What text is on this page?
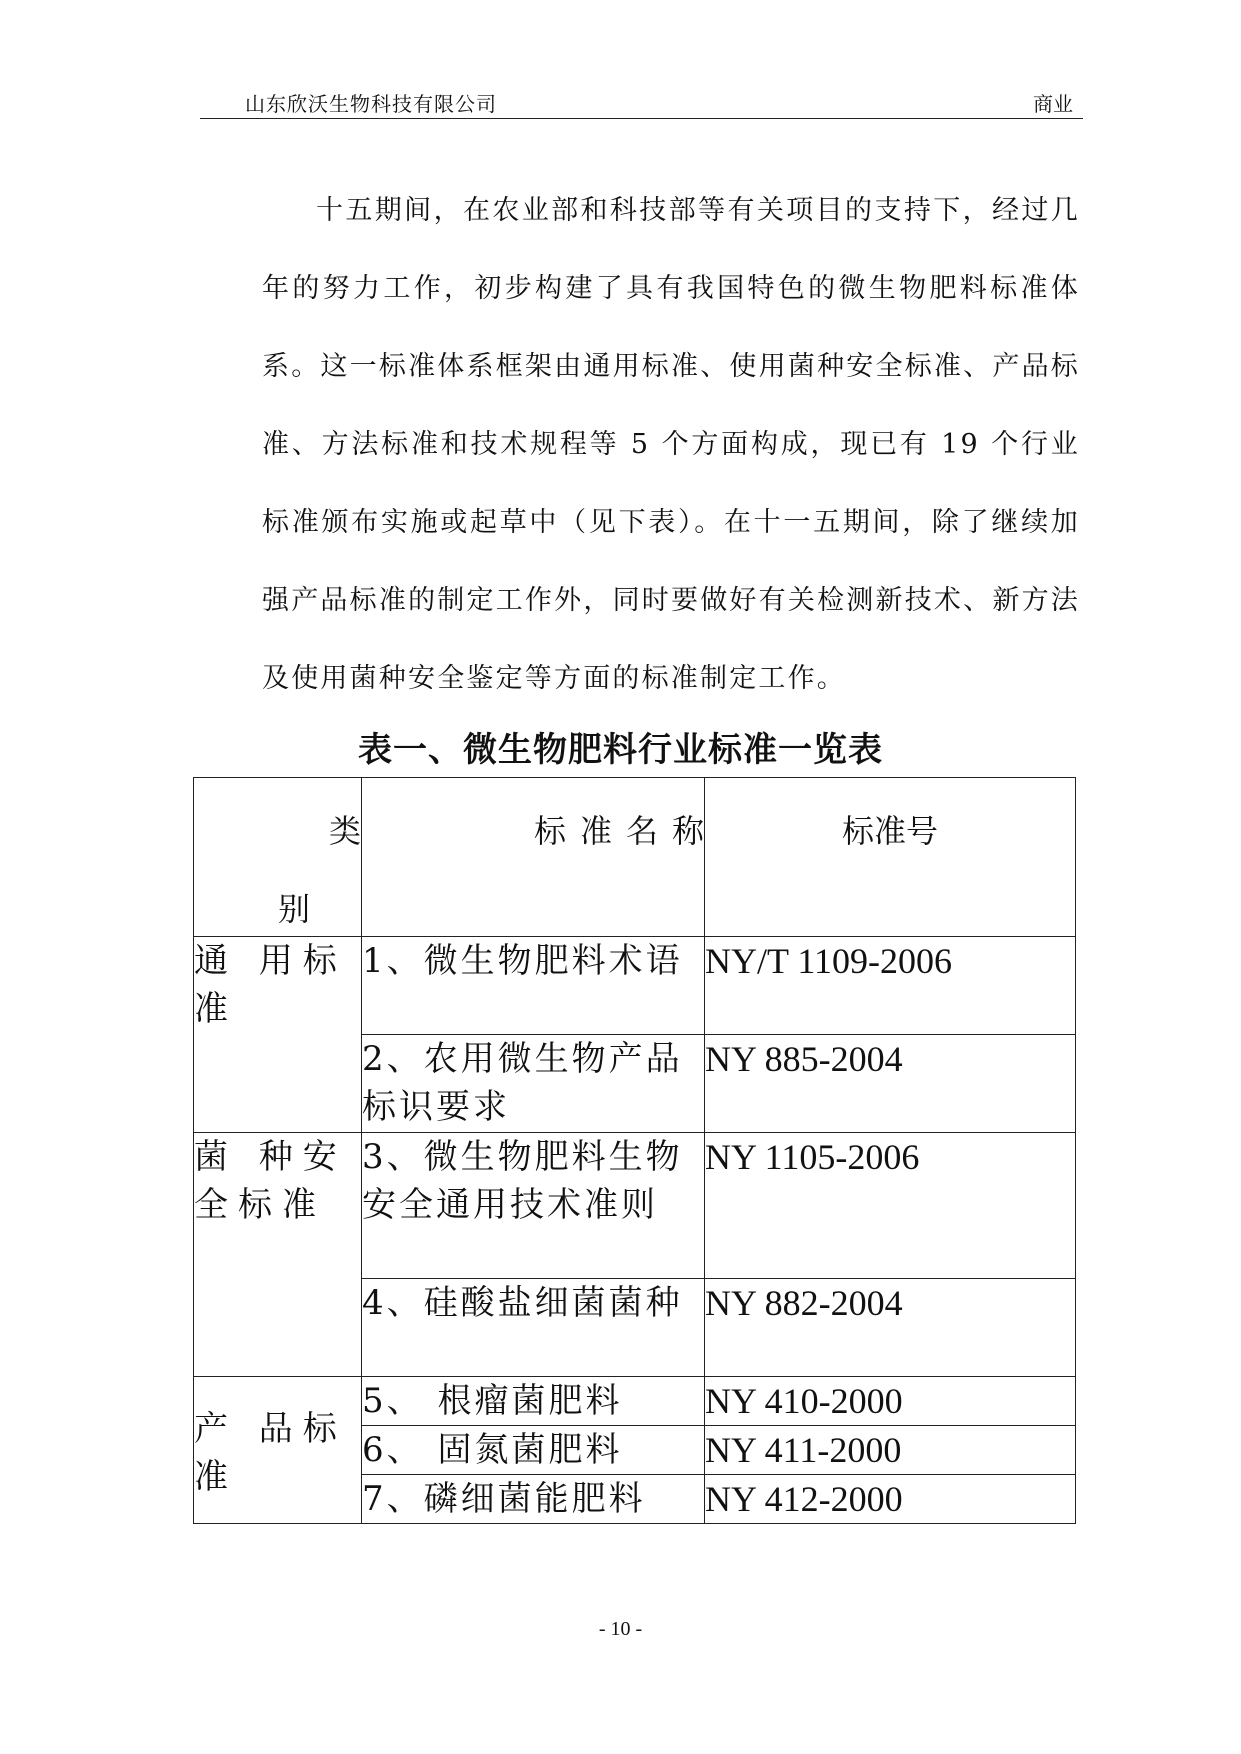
山东欣沃生物科技有限公司	商业

十五期间，在农业部和科技部等有关项目的支持下，经过几年的努力工作，初步构建了具有我国特色的微生物肥料标准体系。这一标准体系框架由通用标准、使用菌种安全标准、产品标准、方法标准和技术规程等 5 个方面构成，现已有 19 个行业标准颁布实施或起草中（见下表）。在十一五期间，除了继续加强产品标准的制定工作外，同时要做好有关检测新技术、新方法及使用菌种安全鉴定等方面的标准制定工作。

表一、微生物肥料行业标准一览表
类
别	标准名称	标准号

通 用标准	1、微生物肥料术语	NY/T 1109-2006
	2、农用微生物产品标识要求	NY 885-2004
菌 种安 全标准	3、微生物肥料生物安全通用技术准则	NY 1105-2006
	4、硅酸盐细菌菌种	NY 882-2004
产 品标准	5、 根瘤菌肥料	NY 410-2000
	6、 固氮菌肥料	NY 411-2000
	7、磷细菌能肥料	NY 412-2000
- 10 -
